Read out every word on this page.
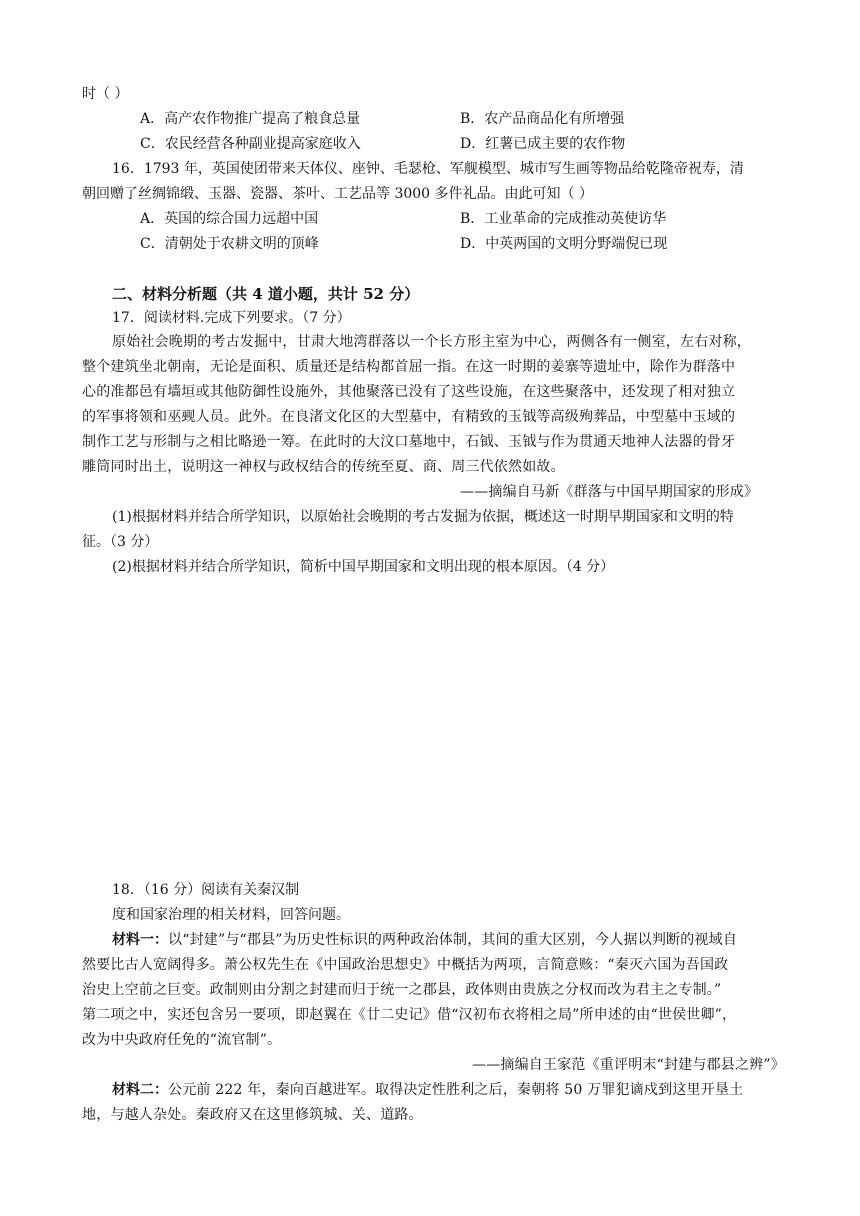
时（ ）
A．高产农作物推广提高了粮食总量	B．农产品商品化有所增强
C．农民经营各种副业提高家庭收入	D．红薯已成主要的农作物
16．1793 年，英国使团带来天体仪、座钟、毛瑟枪、军舰模型、城市写生画等物品给乾隆帝祝寿，清
朝回赠了丝绸锦缎、玉器、瓷器、茶叶、工艺品等 3000 多件礼品。由此可知（ ）
A．英国的综合国力远超中国	B．工业革命的完成推动英使访华
C．清朝处于农耕文明的顶峰	D．中英两国的文明分野端倪已现
二、材料分析题（共 4 道小题，共计 52 分）
17．阅读材料.完成下列要求。（7 分）
原始社会晚期的考古发掘中，甘肃大地湾群落以一个长方形主室为中心，两侧各有一侧室，左右对称，
整个建筑坐北朝南，无论是面积、质量还是结构都首屈一指。在这一时期的姜寨等遗址中，除作为群落中
心的准都邑有墙垣或其他防御性设施外，其他聚落已没有了这些设施，在这些聚落中，还发现了相对独立
的军事将领和巫觋人员。此外。在良渚文化区的大型墓中，有精致的玉钺等高级殉葬品，中型墓中玉域的
制作工艺与形制与之相比略逊一筹。在此时的大汶口墓地中，石钺、玉钺与作为贯通天地神人法器的骨牙
雕筒同时出土，说明这一神权与政权结合的传统至夏、商、周三代依然如故。
——摘编自马新《群落与中国早期国家的形成》
(1)根据材料并结合所学知识，以原始社会晚期的考古发掘为依据，概述这一时期早期国家和文明的特
征。（3 分）
(2)根据材料并结合所学知识，简析中国早期国家和文明出现的根本原因。（4 分）
18．（16 分）阅读有关秦汉制
度和国家治理的相关材料，回答问题。
材料一：以“封建”与“郡县”为历史性标识的两种政治体制，其间的重大区别，今人据以判断的视域自
然要比古人宽阔得多。萧公权先生在《中国政治思想史》中概括为两项，言简意赅：“秦灭六国为吾国政
治史上空前之巨变。政制则由分割之封建而归于统一之郡县，政体则由贵族之分权而改为君主之专制。”
第二项之中，实还包含另一要项，即赵翼在《廿二史记》借“汉初布衣将相之局”所申述的由“世侯世卿”，
改为中央政府任免的“流官制”。
——摘编自王家范《重评明末“封建与郡县之辨”》
材料二：公元前 222 年，秦向百越进军。取得决定性胜利之后，秦朝将 50 万罪犯谪戍到这里开垦土
地，与越人杂处。秦政府又在这里修筑城、关、道路。
